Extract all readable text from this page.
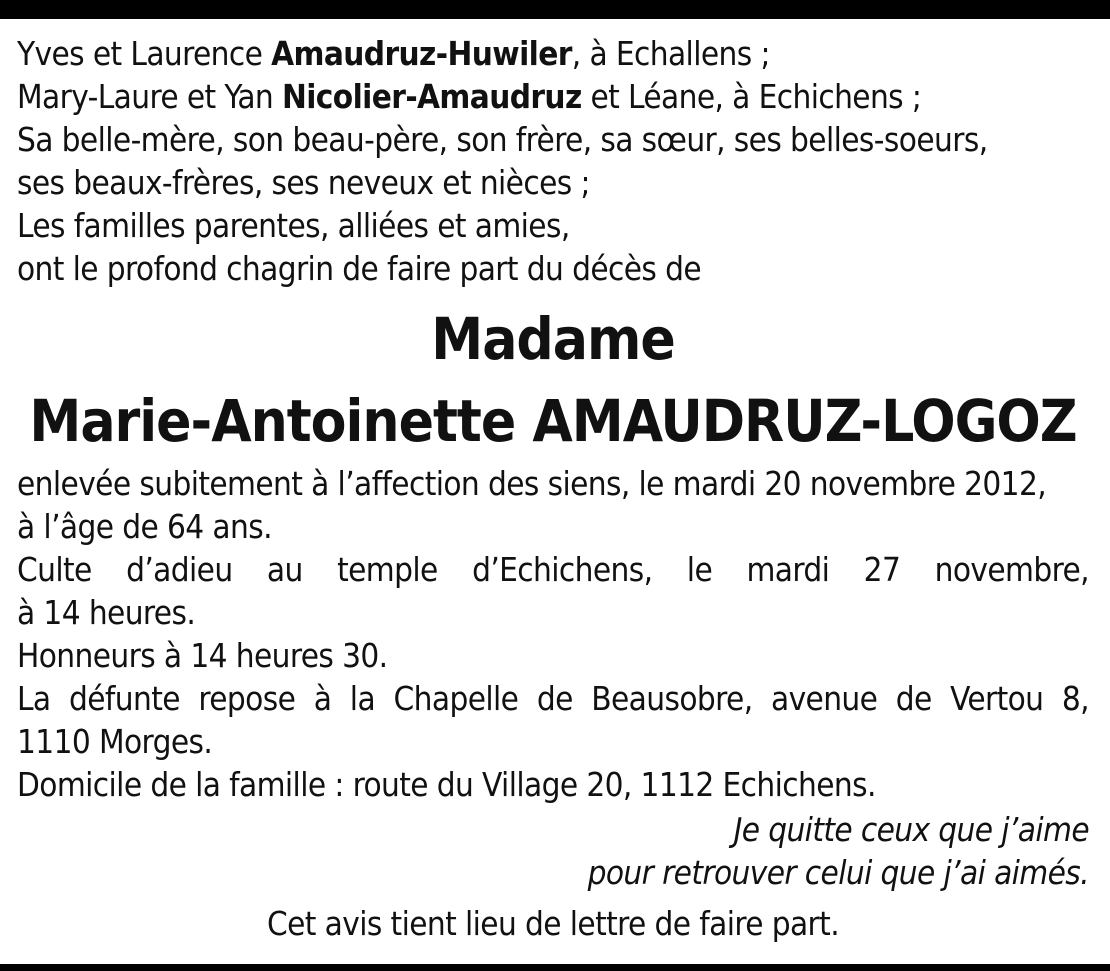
Yves et Laurence Amaudruz-Huwiler, à Echallens ;
Mary-Laure et Yan Nicolier-Amaudruz et Léane, à Echichens ;
Sa belle-mère, son beau-père, son frère, sa sœur, ses belles-soeurs,
ses beaux-frères, ses neveux et nièces ;
Les familles parentes, alliées et amies,
ont le profond chagrin de faire part du décès de
Madame
Marie-Antoinette AMAUDRUZ-LOGOZ
enlevée subitement à l’affection des siens, le mardi 20 novembre 2012,
à l’âge de 64 ans.
Culte d’adieu au temple d’Echichens, le mardi 27 novembre,
à 14 heures.
Honneurs à 14 heures 30.
La défunte repose à la Chapelle de Beausobre, avenue de Vertou 8,
1110 Morges.
Domicile de la famille : route du Village 20, 1112 Echichens.
Je quitte ceux que j’aime
pour retrouver celui que j’ai aimés.
Cet avis tient lieu de lettre de faire part.
